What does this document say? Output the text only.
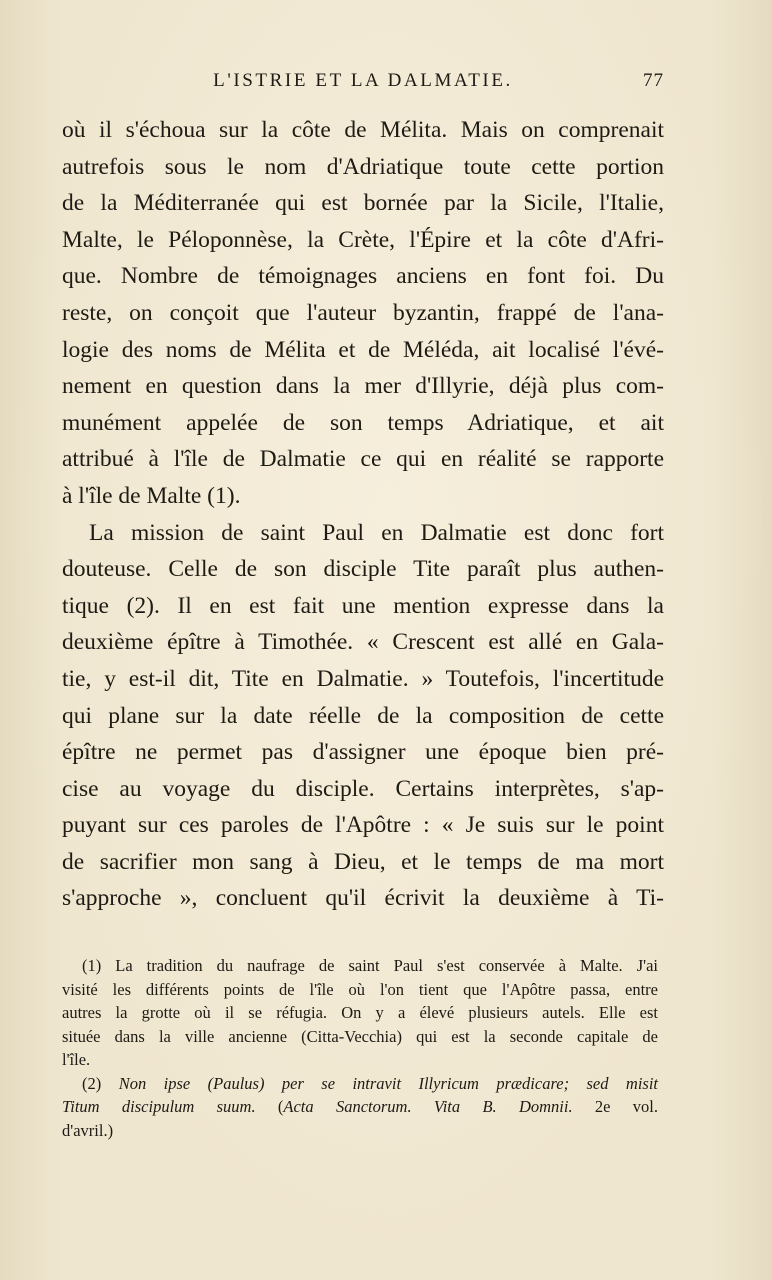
L'ISTRIE ET LA DALMATIE.	77
où il s'échoua sur la côte de Mélita. Mais on comprenait
autrefois sous le nom d'Adriatique toute cette portion
de la Méditerranée qui est bornée par la Sicile, l'Italie,
Malte, le Péloponnèse, la Crète, l'Épire et la côte d'Afri-
que. Nombre de témoignages anciens en font foi. Du
reste, on conçoit que l'auteur byzantin, frappé de l'ana-
logie des noms de Mélita et de Méléda, ait localisé l'évé-
nement en question dans la mer d'Illyrie, déjà plus com-
munément appelée de son temps Adriatique, et ait
attribué à l'île de Dalmatie ce qui en réalité se rapporte
à l'île de Malte (1).
La mission de saint Paul en Dalmatie est donc fort
douteuse. Celle de son disciple Tite paraît plus authen-
tique (2). Il en est fait une mention expresse dans la
deuxième épître à Timothée. « Crescent est allé en Gala-
tie, y est-il dit, Tite en Dalmatie. » Toutefois, l'incertitude
qui plane sur la date réelle de la composition de cette
épître ne permet pas d'assigner une époque bien pré-
cise au voyage du disciple. Certains interprètes, s'ap-
puyant sur ces paroles de l'Apôtre : « Je suis sur le point
de sacrifier mon sang à Dieu, et le temps de ma mort
s'approche », concluent qu'il écrivit la deuxième à Ti-
(1) La tradition du naufrage de saint Paul s'est conservée à Malte. J'ai
visité les différents points de l'île où l'on tient que l'Apôtre passa, entre
autres la grotte où il se réfugia. On y a élevé plusieurs autels. Elle est
située dans la ville ancienne (Citta-Vecchia) qui est la seconde capitale de
l'île.
(2) Non ipse (Paulus) per se intravit Illyricum prædicare; sed misit
Titum discipulum suum. (Acta Sanctorum. Vita B. Domnii. 2e vol.
d'avril.)
